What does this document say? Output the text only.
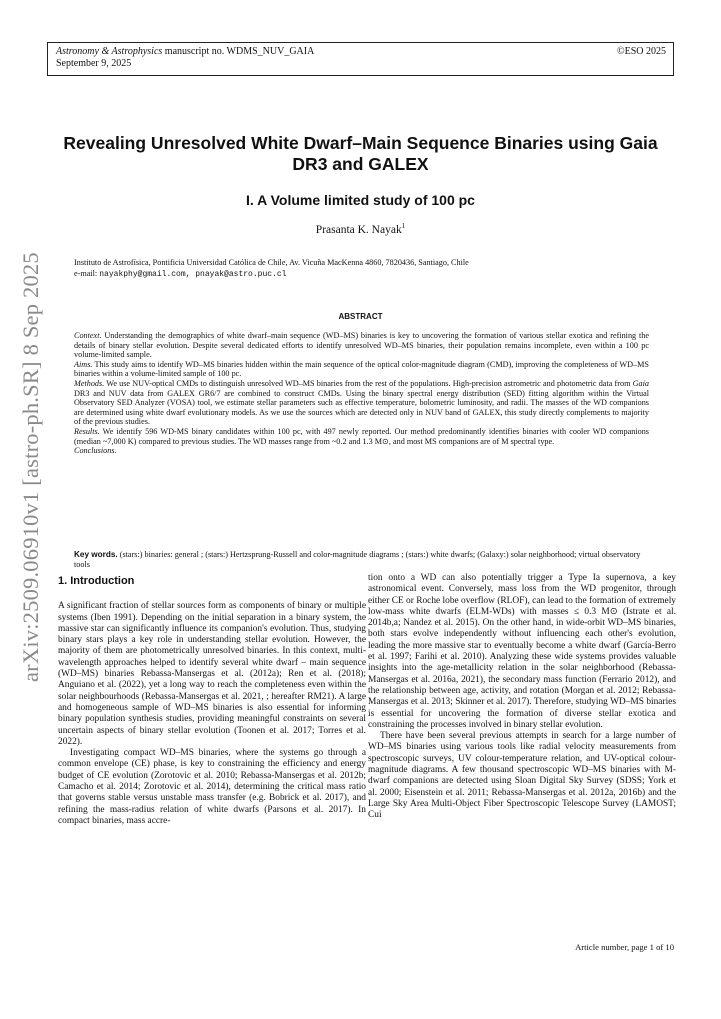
Astronomy & Astrophysics manuscript no. WDMS_NUV_GAIA
September 9, 2025
©ESO 2025
Revealing Unresolved White Dwarf–Main Sequence Binaries using Gaia DR3 and GALEX
I. A Volume limited study of 100 pc
Prasanta K. Nayak$^1$
Instituto de Astrofísica, Pontificia Universidad Católica de Chile, Av. Vicuña MacKenna 4860, 7820436, Santiago, Chile
e-mail: nayakphy@gmail.com, pnayak@astro.puc.cl
ABSTRACT

Context. Understanding the demographics of white dwarf–main sequence (WD–MS) binaries is key to uncovering the formation of various stellar exotica and refining the details of binary stellar evolution. Despite several dedicated efforts to identify unresolved WD–MS binaries, their population remains incomplete, even within a 100 pc volume-limited sample.

Aims. This study aims to identify WD–MS binaries hidden within the main sequence of the optical color-magnitude diagram (CMD), improving the completeness of WD–MS binaries within a volume-limited sample of 100 pc.

Methods. We use NUV-optical CMDs to distinguish unresolved WD–MS binaries from the rest of the populations. High-precision astrometric and photometric data from Gaia DR3 and NUV data from GALEX GR6/7 are combined to construct CMDs. Using the binary spectral energy distribution (SED) fitting algorithm within the Virtual Observatory SED Analyzer (VOSA) tool, we estimate stellar parameters such as effective temperature, bolometric luminosity, and radii. The masses of the WD companions are determined using white dwarf evolutionary models. As we use the sources which are detected only in NUV band of GALEX, this study directly complements to majority of the previous studies.

Results. We identify 596 WD-MS binary candidates within 100 pc, with 497 newly reported. Our method predominantly identifies binaries with cooler WD companions (median ~7,000 K) compared to previous studies. The WD masses range from ~0.2 and 1.3 M⊙, and most MS companions are of M spectral type.

Conclusions.

Key words. (stars:) binaries: general ; (stars:) Hertzsprung-Russell and color-magnitude diagrams ; (stars:) white dwarfs; (Galaxy:) solar neighborhood; virtual observatory tools
arXiv:2509.06910v1 [astro-ph.SR] 8 Sep 2025 1. Introduction

A significant fraction of stellar sources form as components of binary or multiple systems (Iben 1991). Depending on the initial separation in a binary system, the massive star can significantly influence its companion's evolution. Thus, studying binary stars plays a key role in understanding stellar evolution. However, the majority of them are photometrically unresolved binaries. In this context, multi-wavelength approaches helped to identify several white dwarf – main sequence (WD–MS) binaries Rebassa-Mansergas et al. (2012a); Ren et al. (2018); Anguiano et al. (2022), yet a long way to reach the completeness even within the solar neighbourhoods (Rebassa-Mansergas et al. 2021, ; hereafter RM21). A large and homogeneous sample of WD–MS binaries is also essential for informing binary population synthesis studies, providing meaningful constraints on several uncertain aspects of binary stellar evolution (Toonen et al. 2017; Torres et al. 2022).

Investigating compact WD–MS binaries, where the systems go through a common envelope (CE) phase, is key to constraining the efficiency and energy budget of CE evolution (Zorotovic et al. 2010; Rebassa-Mansergas et al. 2012b; Camacho et al. 2014; Zorotovic et al. 2014), determining the critical mass ratio that governs stable versus unstable mass transfer (e.g. Bobrick et al. 2017), and refining the mass-radius relation of white dwarfs (Parsons et al. 2017). In compact binaries, mass accre-

tion onto a WD can also potentially trigger a Type Ia supernova, a key astronomical event. Conversely, mass loss from the WD progenitor, through either CE or Roche lobe overflow (RLOF), can lead to the formation of extremely low-mass white dwarfs (ELM-WDs) with masses ≤ 0.3 M⊙ (Istrate et al. 2014b,a; Nandez et al. 2015). On the other hand, in wide-orbit WD–MS binaries, both stars evolve independently without influencing each other's evolution, leading the more massive star to eventually become a white dwarf (García-Berro et al. 1997; Farihi et al. 2010). Analyzing these wide systems provides valuable insights into the age-metallicity relation in the solar neighborhood (Rebassa-Mansergas et al. 2016a, 2021), the secondary mass function (Ferrario 2012), and the relationship between age, activity, and rotation (Morgan et al. 2012; Rebassa-Mansergas et al. 2013; Skinner et al. 2017). Therefore, studying WD–MS binaries is essential for uncovering the formation of diverse stellar exotica and constraining the processes involved in binary stellar evolution.

There have been several previous attempts in search for a large number of WD–MS binaries using various tools like radial velocity measurements from spectroscopic surveys, UV colour-temperature relation, and UV-optical colour-magnitude diagrams. A few thousand spectroscopic WD–MS binaries with M-dwarf companions are detected using Sloan Digital Sky Survey (SDSS; York et al. 2000; Eisenstein et al. 2011; Rebassa-Mansergas et al. 2012a, 2016b) and the Large Sky Area Multi-Object Fiber Spectroscopic Telescope Survey (LAMOST; Cui

Article number, page 1 of 10
